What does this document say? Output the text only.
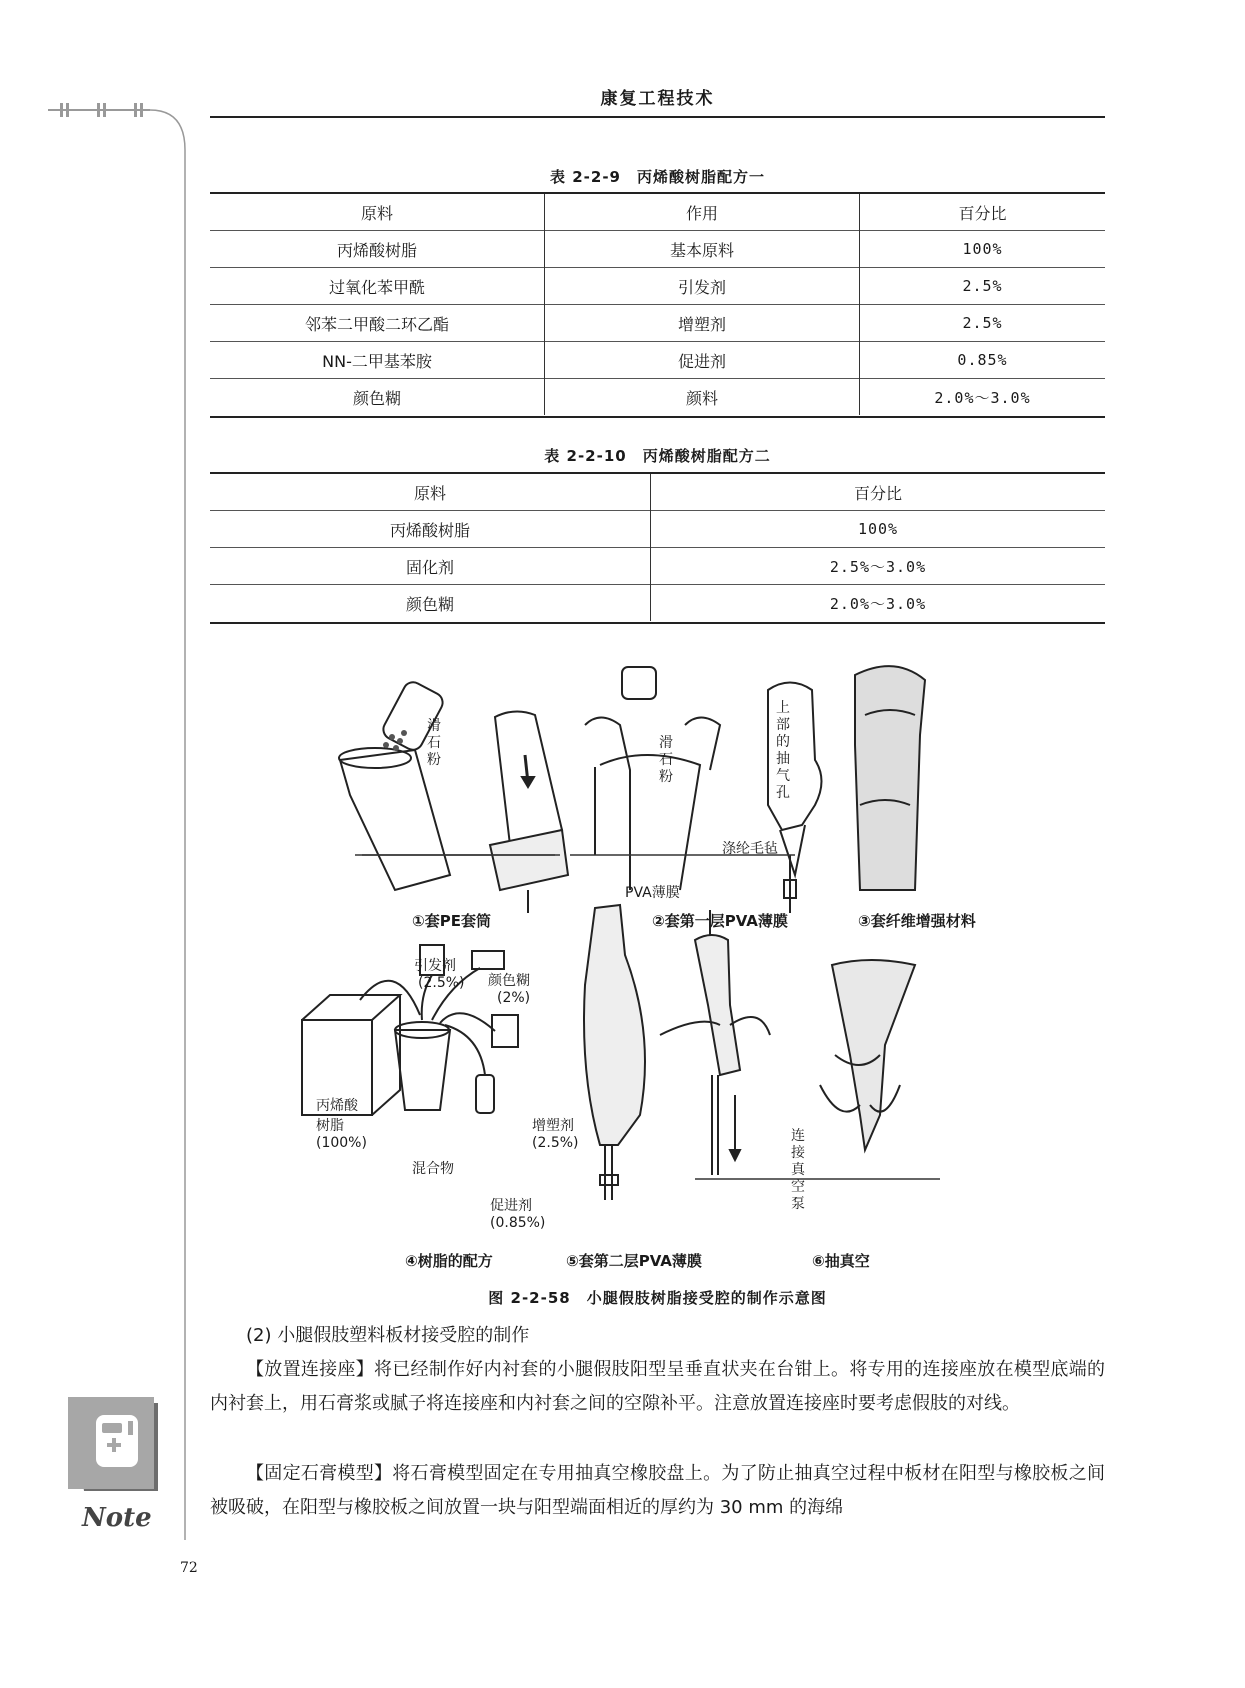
Note
康复工程技术
表 2-2-9　丙烯酸树脂配方一
原料	作用	百分比
丙烯酸树脂	基本原料	100%
过氧化苯甲酰	引发剂	2.5%
邻苯二甲酸二环乙酯	增塑剂	2.5%
NN-二甲基苯胺	促进剂	0.85%
颜色糊	颜料	2.0%～3.0%
表 2-2-10　丙烯酸树脂配方二
原料	百分比
丙烯酸树脂	100%
固化剂	2.5%～3.0%
颜色糊	2.0%～3.0%
滑石粉
滑石粉
上部的抽气孔
涤纶毛毡
PVA薄膜
①套PE套筒	②套第一层PVA薄膜	③套纤维增强材料
引发剂
(2.5%) 颜色糊
(2%)
丙烯酸
树脂
(100%)
增塑剂
(2.5%)
混合物
促进剂
(0.85%)
连接真空泵
④树脂的配方	⑤套第二层PVA薄膜	⑥抽真空
图 2-2-58　小腿假肢树脂接受腔的制作示意图
(2) 小腿假肢塑料板材接受腔的制作
【放置连接座】将已经制作好内衬套的小腿假肢阳型呈垂直状夹在台钳上。将专用的连接座放在模型底端的内衬套上，用石膏浆或腻子将连接座和内衬套之间的空隙补平。注意放置连接座时要考虑假肢的对线。
【固定石膏模型】将石膏模型固定在专用抽真空橡胶盘上。为了防止抽真空过程中板材在阳型与橡胶板之间被吸破，在阳型与橡胶板之间放置一块与阳型端面相近的厚约为 30 mm 的海绵
72
